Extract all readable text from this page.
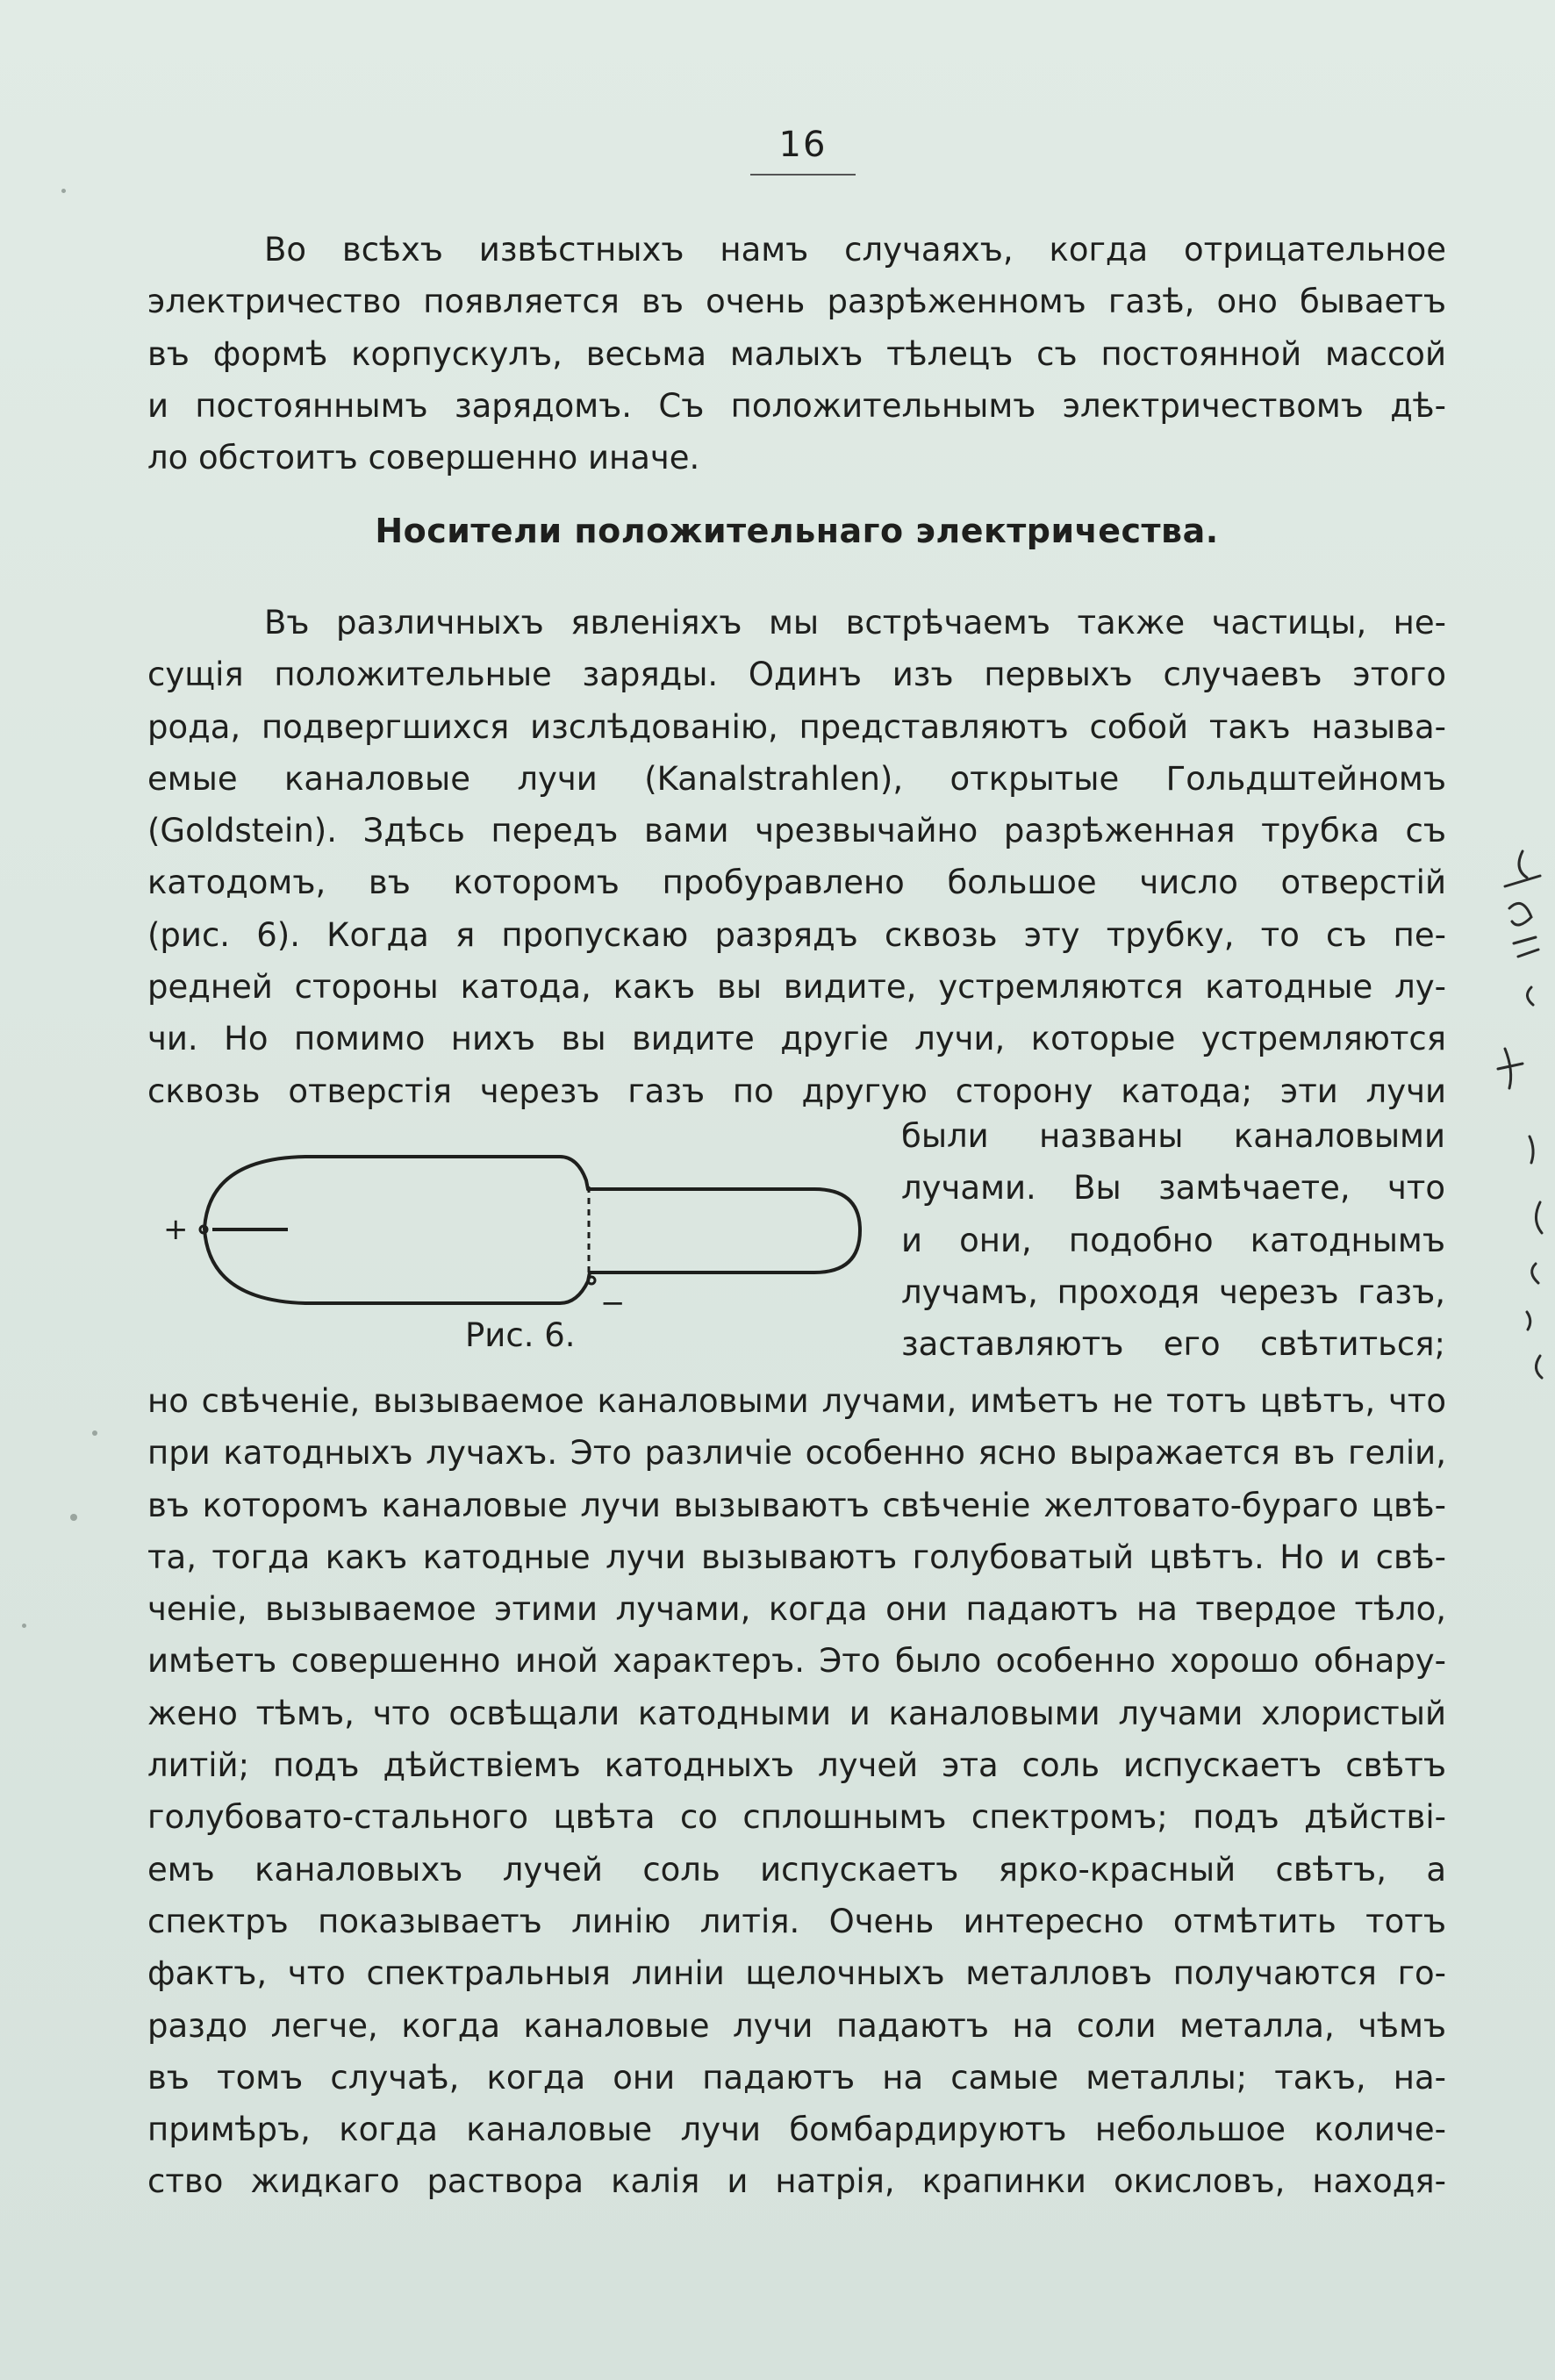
16
Во всѣхъ извѣстныхъ намъ случаяхъ, когда отрицательное
электричество появляется въ очень разрѣженномъ газѣ, оно бываетъ
въ формѣ корпускулъ, весьма малыхъ тѣлецъ съ постоянной массой
и постояннымъ зарядомъ. Съ положительнымъ электричествомъ дѣ-
ло обстоитъ совершенно иначе.
Носители положительнаго электричества.
Въ различныхъ явленіяхъ мы встрѣчаемъ также частицы, не-
сущія положительные заряды. Одинъ изъ первыхъ случаевъ этого
рода, подвергшихся изслѣдованію, представляютъ собой такъ называ-
емые каналовые лучи (Kanalstrahlen), открытые Гольдштейномъ
(Goldstein). Здѣсь передъ вами чрезвычайно разрѣженная трубка съ
катодомъ, въ которомъ пробуравлено большое число отверстій
(рис. 6). Когда я пропускаю разрядъ сквозь эту трубку, то съ пе-
редней стороны катода, какъ вы видите, устремляются катодные лу-
чи. Но помимо нихъ вы видите другіе лучи, которые устремляются
сквозь отверстія черезъ газъ по другую сторону катода; эти лучи
+
−
Рис. 6.
были названы каналовыми
лучами. Вы замѣчаете, что
и они, подобно катоднымъ
лучамъ, проходя черезъ газъ,
заставляютъ его свѣтиться;
но свѣченіе, вызываемое каналовыми лучами, имѣетъ не тотъ цвѣтъ, что
при катодныхъ лучахъ. Это различіе особенно ясно выражается въ геліи,
въ которомъ каналовые лучи вызываютъ свѣченіе желтовато-бураго цвѣ-
та, тогда какъ катодные лучи вызываютъ голубоватый цвѣтъ. Но и свѣ-
ченіе, вызываемое этими лучами, когда они падаютъ на твердое тѣло,
имѣетъ совершенно иной характеръ. Это было особенно хорошо обнару-
жено тѣмъ, что освѣщали катодными и каналовыми лучами хлористый
литій; подъ дѣйствіемъ катодныхъ лучей эта соль испускаетъ свѣтъ
голубовато-стального цвѣта со сплошнымъ спектромъ; подъ дѣйстві-
емъ каналовыхъ лучей соль испускаетъ ярко-красный свѣтъ, а
спектръ показываетъ линію литія. Очень интересно отмѣтить тотъ
фактъ, что спектральныя линіи щелочныхъ металловъ получаются го-
раздо легче, когда каналовые лучи падаютъ на соли металла, чѣмъ
въ томъ случаѣ, когда они падаютъ на самые металлы; такъ, на-
примѣръ, когда каналовые лучи бомбардируютъ небольшое количе-
ство жидкаго раствора калія и натрія, крапинки окисловъ, находя-
